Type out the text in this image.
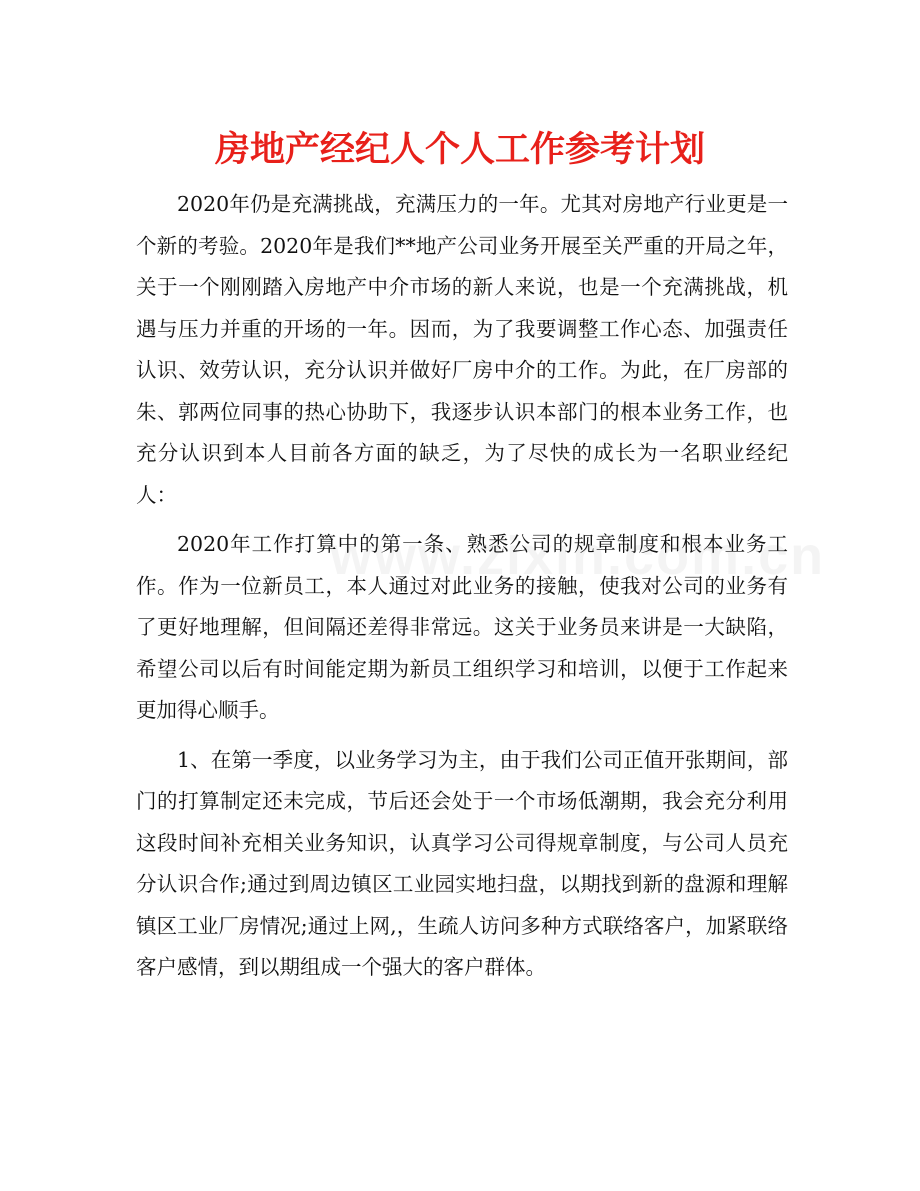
房地产经纪人个人工作参考计划

2020年仍是充满挑战，充满压力的一年。尤其对房地产行业更是一个新的考验。2020年是我们**地产公司业务开展至关严重的开局之年，关于一个刚刚踏入房地产中介市场的新人来说，也是一个充满挑战，机遇与压力并重的开场的一年。因而，为了我要调整工作心态、加强责任认识、效劳认识，充分认识并做好厂房中介的工作。为此，在厂房部的朱、郭两位同事的热心协助下，我逐步认识本部门的根本业务工作，也充分认识到本人目前各方面的缺乏，为了尽快的成长为一名职业经纪人：

2020年工作打算中的第一条、熟悉公司的规章制度和根本业务工作。作为一位新员工，本人通过对此业务的接触，使我对公司的业务有了更好地理解，但间隔还差得非常远。这关于业务员来讲是一大缺陷，希望公司以后有时间能定期为新员工组织学习和培训，以便于工作起来更加得心顺手。

1、在第一季度，以业务学习为主，由于我们公司正值开张期间，部门的打算制定还未完成，节后还会处于一个市场低潮期，我会充分利用这段时间补充相关业务知识，认真学习公司得规章制度，与公司人员充分认识合作;通过到周边镇区工业园实地扫盘，以期找到新的盘源和理解镇区工业厂房情况;通过上网,，生疏人访问多种方式联络客户，加紧联络客户感情，到以期组成一个强大的客户群体。
